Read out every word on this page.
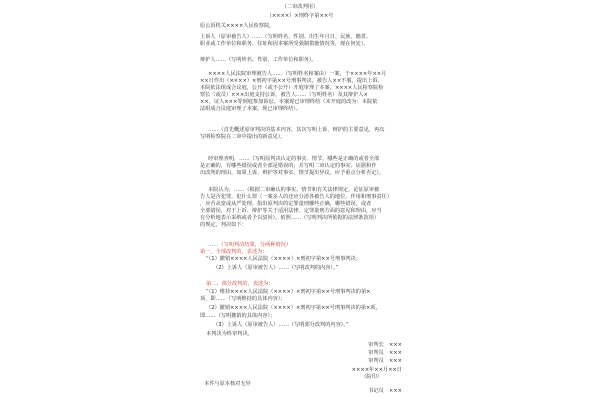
（二审改判用）
（××××）×刑终字第××号
原公诉机关××××人民检察院。
上诉人（原审被告人）……（写明姓名、性别、出生年月日、民族、籍贯、
职业或工作单位和职务、住址和因本案所受强制措施情况等，现在何处）。
辩护人……（写明姓名、性别、工作单位和职务）。
××××人民法院审理被告人……（写明姓名和案由）一案，于××××年××月
××日作出（××××）×刑初字第××号刑事判决。被告人××不服，提出上诉。
本院依法组成合议庭，公开（或不公开）开庭审理了本案。××××人民检察院检
察长（或员）×××出庭支持公诉，被告人……（写明姓名）及其辩护人×
××、证人×××等到庭参加诉讼。本案现已审理终结（未开庭的改为：本院依
法组成合议庭审理了本案，现已审理终结）。
……（首先概述原审判决的基本内容，其次写明上诉、辩护的主要意见，再次
写明检察院在二审中提出的新意见）。
经审理查明，……（写明原判决认定的事实、情节，哪些是正确的或者全部
是正确的，有哪些错误或者全部是错误的；并写明二审认定的事实、证据和作
出改判的理由，如果上诉、辩护等对事实、情节提出异议，应予重点分析否定）。
本院认为，……（根据二审确认的事实、情节和有关法律规定，论证原审被
告人是否犯罪，犯什么罪（一案多人的还应分清各被告人的地位、作用和刑事责任）
，应否从宽或从严处理。指出原判决的定罪量刑哪些正确，哪些错误，或者
全部错误，对于上诉、辩护等关于适用法律、定罪量刑方面的意见和理由，应当
有分析地表示采纳或者予以驳回）。依照……（写明判决所依据的法律条款项）
的规定，判决如下：
……（写明判决结果，分两种情况）
第一、全部改判的，表述为：
“（1）撤销××××人民法院（××××）×刑初字第××号刑事判决；
（2）上诉人（原审被告人）……（写明改判的内容）。”
第二、部分改判的，表述为：
“（1）维持××××人民法院（××××）×刑初字第××号刑事判决的第×
项，即……（写明维持的具体内容）；
（2）撤销××××人民法院（××××）×刑初字第××号刑事判决的第×项，
即……（写明撤销的具体内容）；
（3）上诉人（原审被告人）……（写明部分改判的内容）。”
本判决为终审判决。
审判长　×××
审判员　×××
审判员　×××
××××年××月××日
（院印）
本件与原本核对无异
书记员　×××
